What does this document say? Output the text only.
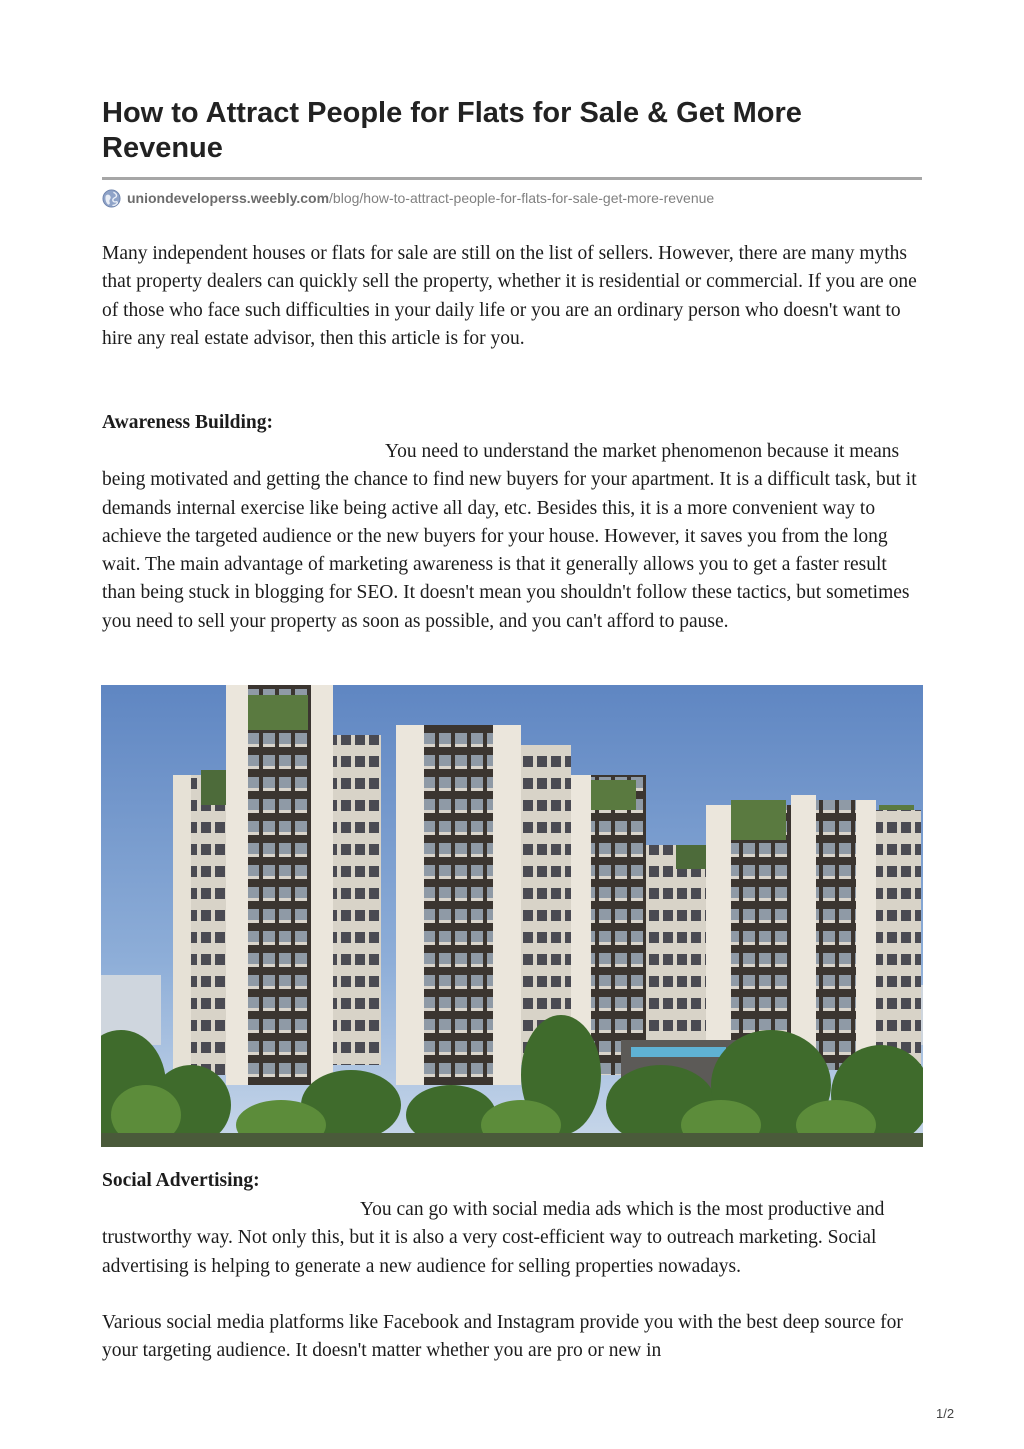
How to Attract People for Flats for Sale & Get More Revenue
uniondeveloperss.weebly.com/blog/how-to-attract-people-for-flats-for-sale-get-more-revenue

Many independent houses or flats for sale are still on the list of sellers. However, there are many myths that property dealers can quickly sell the property, whether it is residential or commercial. If you are one of those who face such difficulties in your daily life or you are an ordinary person who doesn't want to hire any real estate advisor, then this article is for you.

Awareness Building:

You need to understand the market phenomenon because it means being motivated and getting the chance to find new buyers for your apartment. It is a difficult task, but it demands internal exercise like being active all day, etc. Besides this, it is a more convenient way to achieve the targeted audience or the new buyers for your house. However, it saves you from the long wait. The main advantage of marketing awareness is that it generally allows you to get a faster result than being stuck in blogging for SEO. It doesn't mean you shouldn't follow these tactics, but sometimes you need to sell your property as soon as possible, and you can't afford to pause.

Social Advertising:

You can go with social media ads which is the most productive and trustworthy way. Not only this, but it is also a very cost-efficient way to outreach marketing. Social advertising is helping to generate a new audience for selling properties nowadays.

Various social media platforms like Facebook and Instagram provide you with the best deep source for your targeting audience. It doesn't matter whether you are pro or new in

1/2
